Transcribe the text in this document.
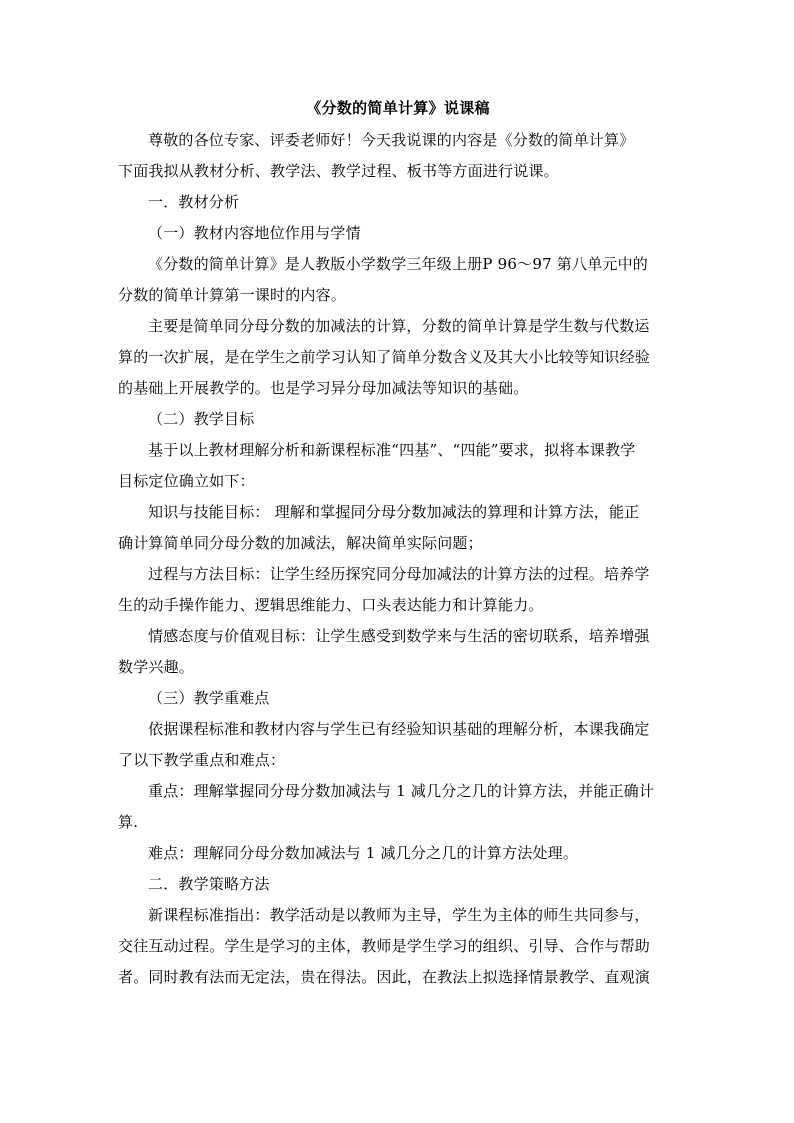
《分数的简单计算》说课稿
尊敬的各位专家、评委老师好！今天我说课的内容是《分数的简单计算》
下面我拟从教材分析、教学法、教学过程、板书等方面进行说课。
一．教材分析
（一）教材内容地位作用与学情
《分数的简单计算》是人教版小学数学三年级上册P 96～97 第八单元中的
分数的简单计算第一课时的内容。
主要是简单同分母分数的加减法的计算，分数的简单计算是学生数与代数运
算的一次扩展，是在学生之前学习认知了简单分数含义及其大小比较等知识经验
的基础上开展教学的。也是学习异分母加减法等知识的基础。
（二）教学目标
基于以上教材理解分析和新课程标准“四基”、“四能”要求，拟将本课教学
目标定位确立如下：
知识与技能目标： 理解和掌握同分母分数加减法的算理和计算方法，能正
确计算简单同分母分数的加减法，解决简单实际问题；
过程与方法目标：让学生经历探究同分母加减法的计算方法的过程。培养学
生的动手操作能力、逻辑思维能力、口头表达能力和计算能力。
情感态度与价值观目标：让学生感受到数学来与生活的密切联系，培养增强
数学兴趣。
（三）教学重难点
依据课程标准和教材内容与学生已有经验知识基础的理解分析，本课我确定
了以下教学重点和难点：
重点：理解掌握同分母分数加减法与 1 减几分之几的计算方法，并能正确计
算.
难点：理解同分母分数加减法与 1 减几分之几的计算方法处理。
二．教学策略方法
新课程标准指出：教学活动是以教师为主导，学生为主体的师生共同参与，
交往互动过程。学生是学习的主体，教师是学生学习的组织、引导、合作与帮助
者。同时教有法而无定法，贵在得法。因此，在教法上拟选择情景教学、直观演
